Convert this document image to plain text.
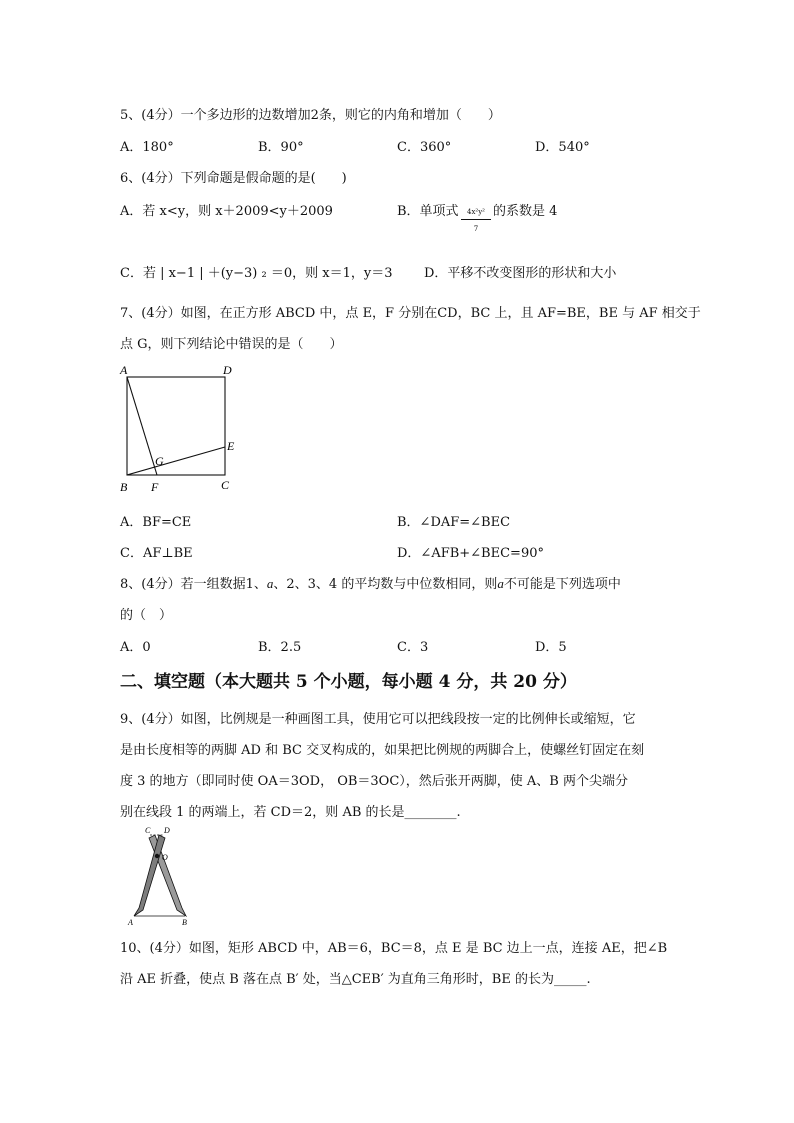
5、(4分）一个多边形的边数增加2条，则它的内角和增加（　　）
A．180°	B．90°	C．360°	D．540°
6、(4分）下列命题是假命题的是(　　)
A．若 x<y，则 x＋2009<y＋2009	B．单项式	4x²y²
7
的系数是 4
C．若 | x−1 | ＋(y−3) ₂ ＝0，则 x＝1，y＝3 D．平移不改变图形的形状和大小
7、(4分）如图，在正方形 ABCD 中，点 E，F 分别在CD，BC 上，且 AF=BE，BE 与 AF 相交于
点 G，则下列结论中错误的是（　　）
A	D
E
G
B F	C
A．BF=CE	B．∠DAF=∠BEC
C．AF⊥BE	D．∠AFB+∠BEC=90°
8、(4分）若一组数据1、a、2、3、4 的平均数与中位数相同，则a不可能是下列选项中
的（　）
A．0	B．2.5	C．3	D．5
二、填空题（本大题共 5 个小题，每小题 4 分，共 20 分）
9、(4分）如图，比例规是一种画图工具，使用它可以把线段按一定的比例伸长或缩短，它
是由长度相等的两脚 AD 和 BC 交叉构成的，如果把比例规的两脚合上，使螺丝钉固定在刻
度 3 的地方（即同时使 OA＝3OD， OB＝3OC），然后张开两脚，使 A、B 两个尖端分
别在线段 1 的两端上，若 CD＝2，则 AB 的长是________.
C D
O
A	B
10、(4分）如图，矩形 ABCD 中，AB＝6，BC＝8，点 E 是 BC 边上一点，连接 AE，把∠B
沿 AE 折叠，使点 B 落在点 B′ 处，当△CEB′ 为直角三角形时，BE 的长为_____.
